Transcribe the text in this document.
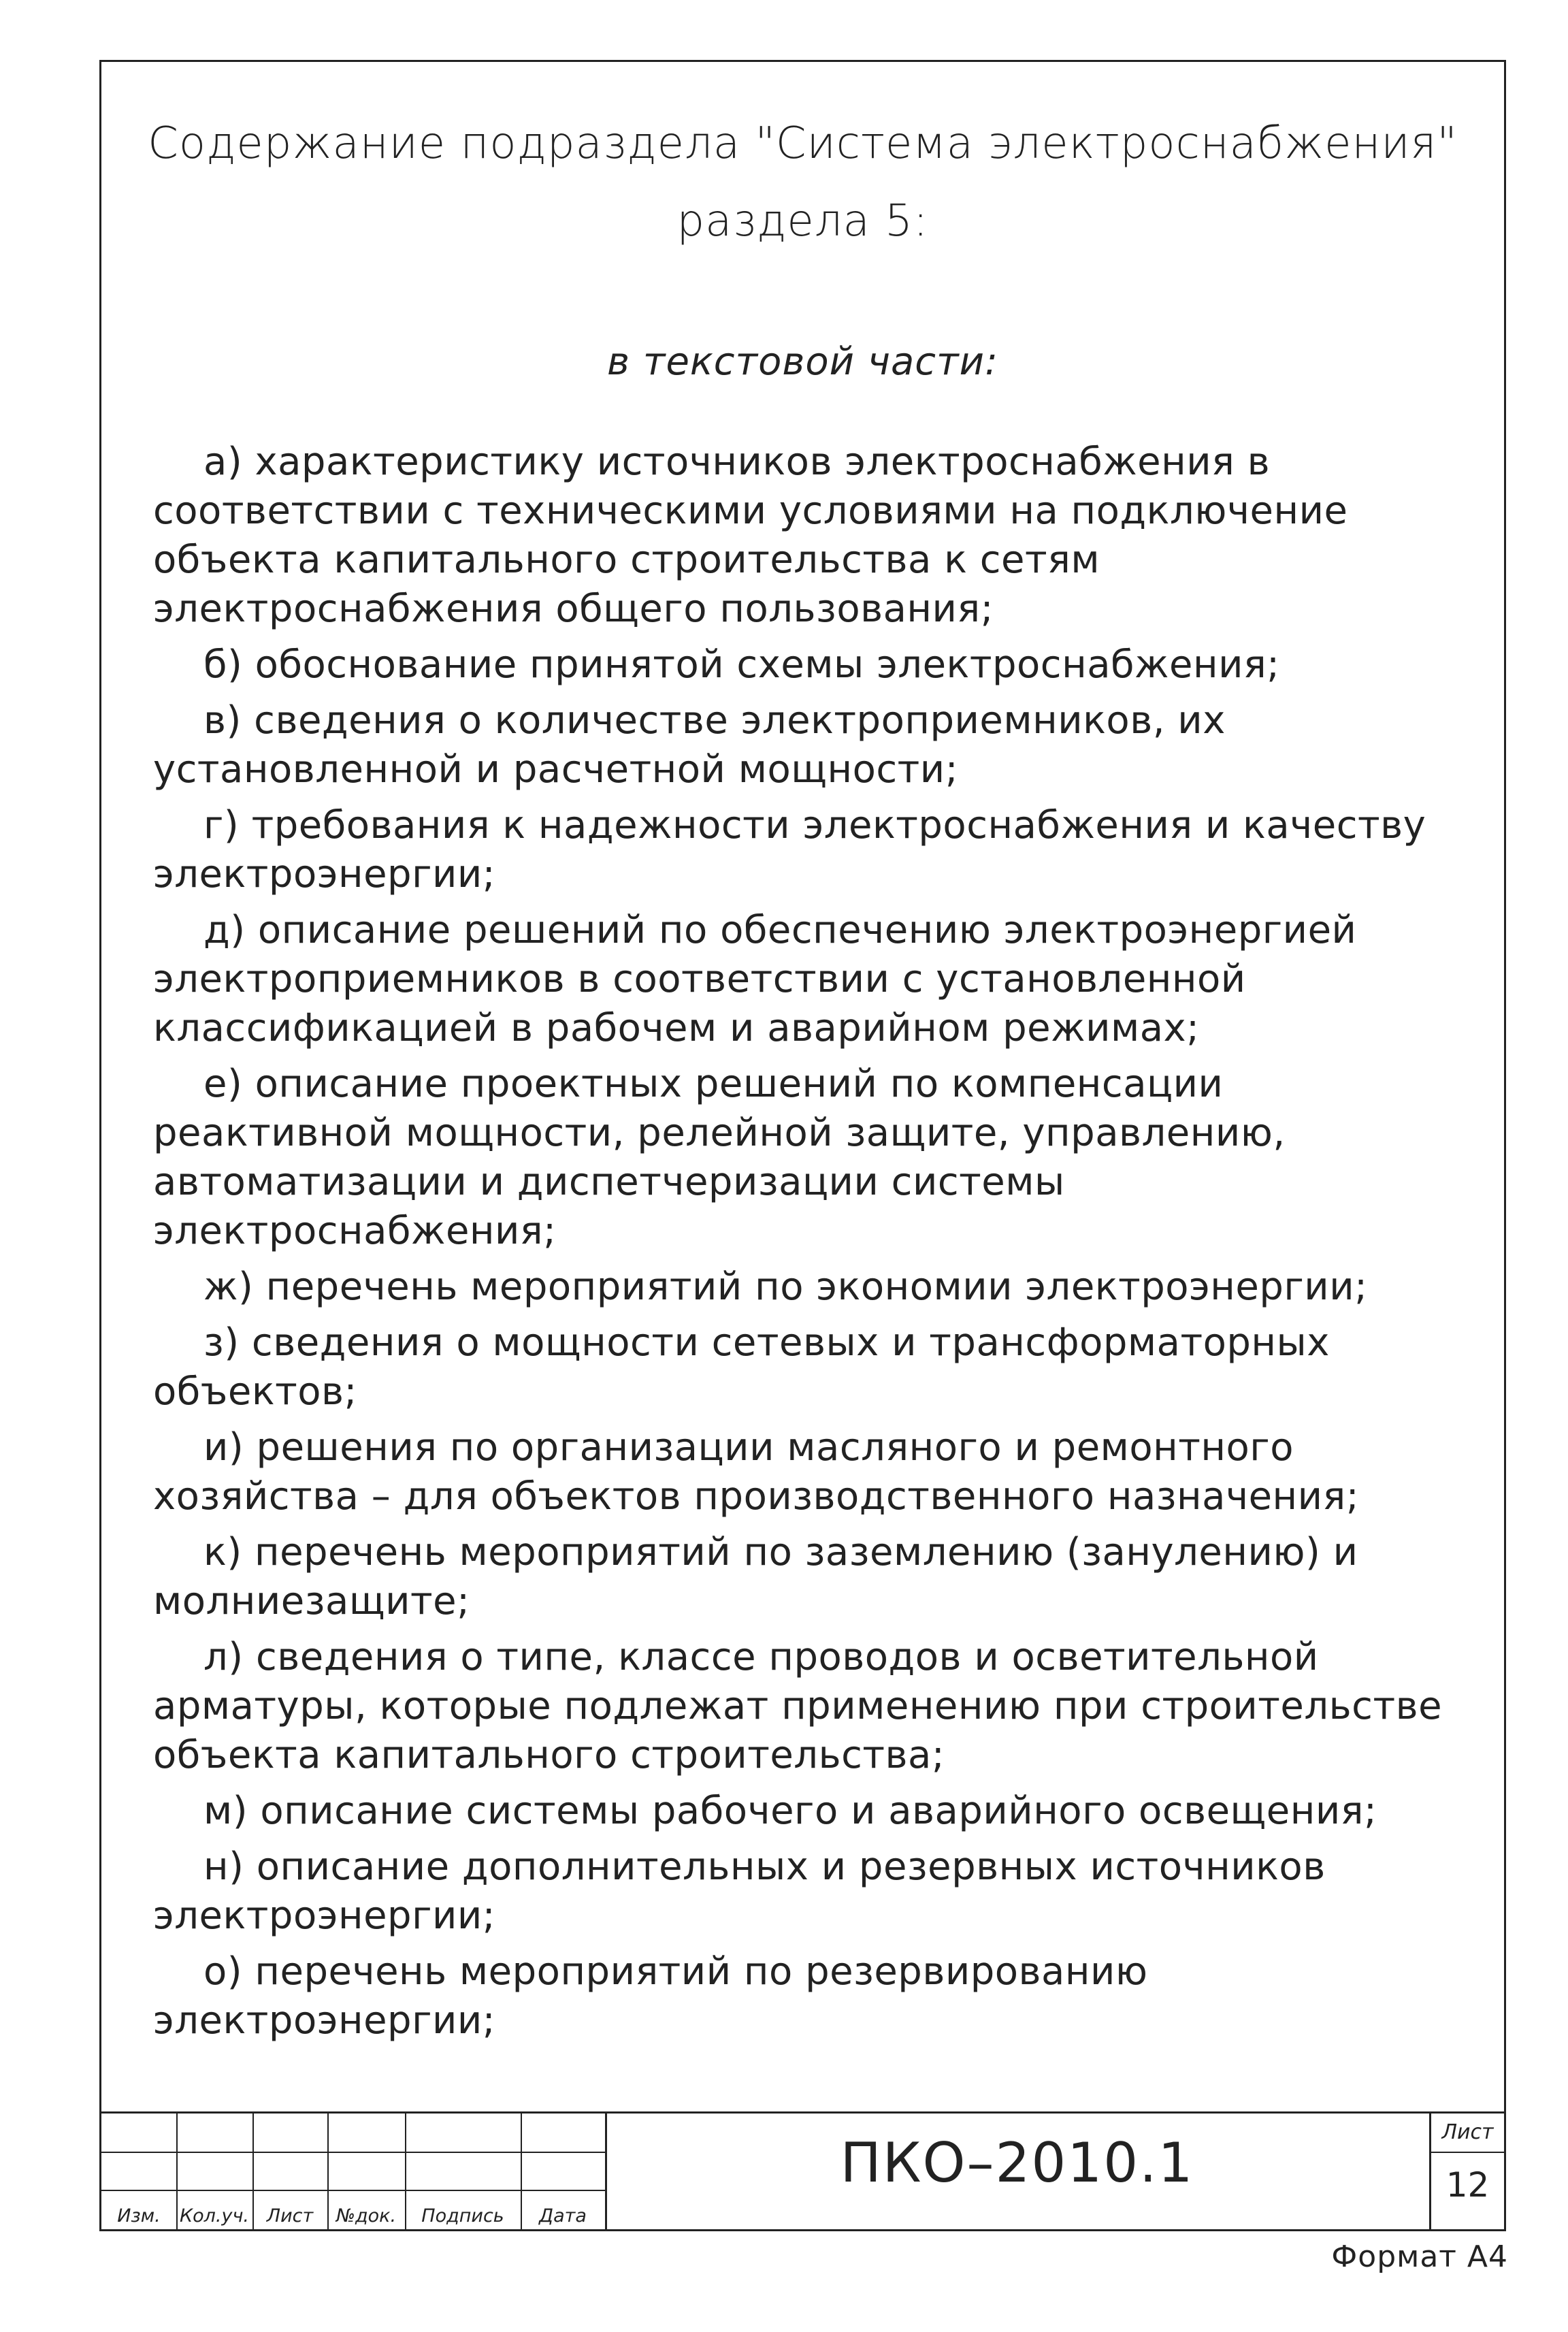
Содержание подраздела "Система электроснабжения"
раздела 5:
в текстовой части:

а) характеристику источников электроснабжения в соответствии с техническими условиями на подключение объекта капитального строительства к сетям электроснабжения общего пользования;

б) обоснование принятой схемы электроснабжения;

в) сведения о количестве электроприемников, их установленной и расчетной мощности;

г) требования к надежности электроснабжения и качеству электроэнергии;

д) описание решений по обеспечению электроэнергией электроприемников в соответствии с установленной классификацией в рабочем и аварийном режимах;

е) описание проектных решений по компенсации реактивной мощности, релейной защите, управлению, автоматизации и диспетчеризации системы электроснабжения;

ж) перечень мероприятий по экономии электроэнергии;

з) сведения о мощности сетевых и трансформаторных объектов;

и) решения по организации масляного и ремонтного хозяйства – для объектов производственного назначения;

к) перечень мероприятий по заземлению (занулению) и молниезащите;

л) сведения о типе, классе проводов и осветительной арматуры, которые подлежат применению при строительстве объекта капитального строительства;

м) описание системы рабочего и аварийного освещения;

н) описание дополнительных и резервных источников электроэнергии;

о) перечень мероприятий по резервированию электроэнергии;

Изм.	Кол.уч. Лист	№док.	Подпись	Дата
ПКО–2010.1	Лист
12
Формат А4
